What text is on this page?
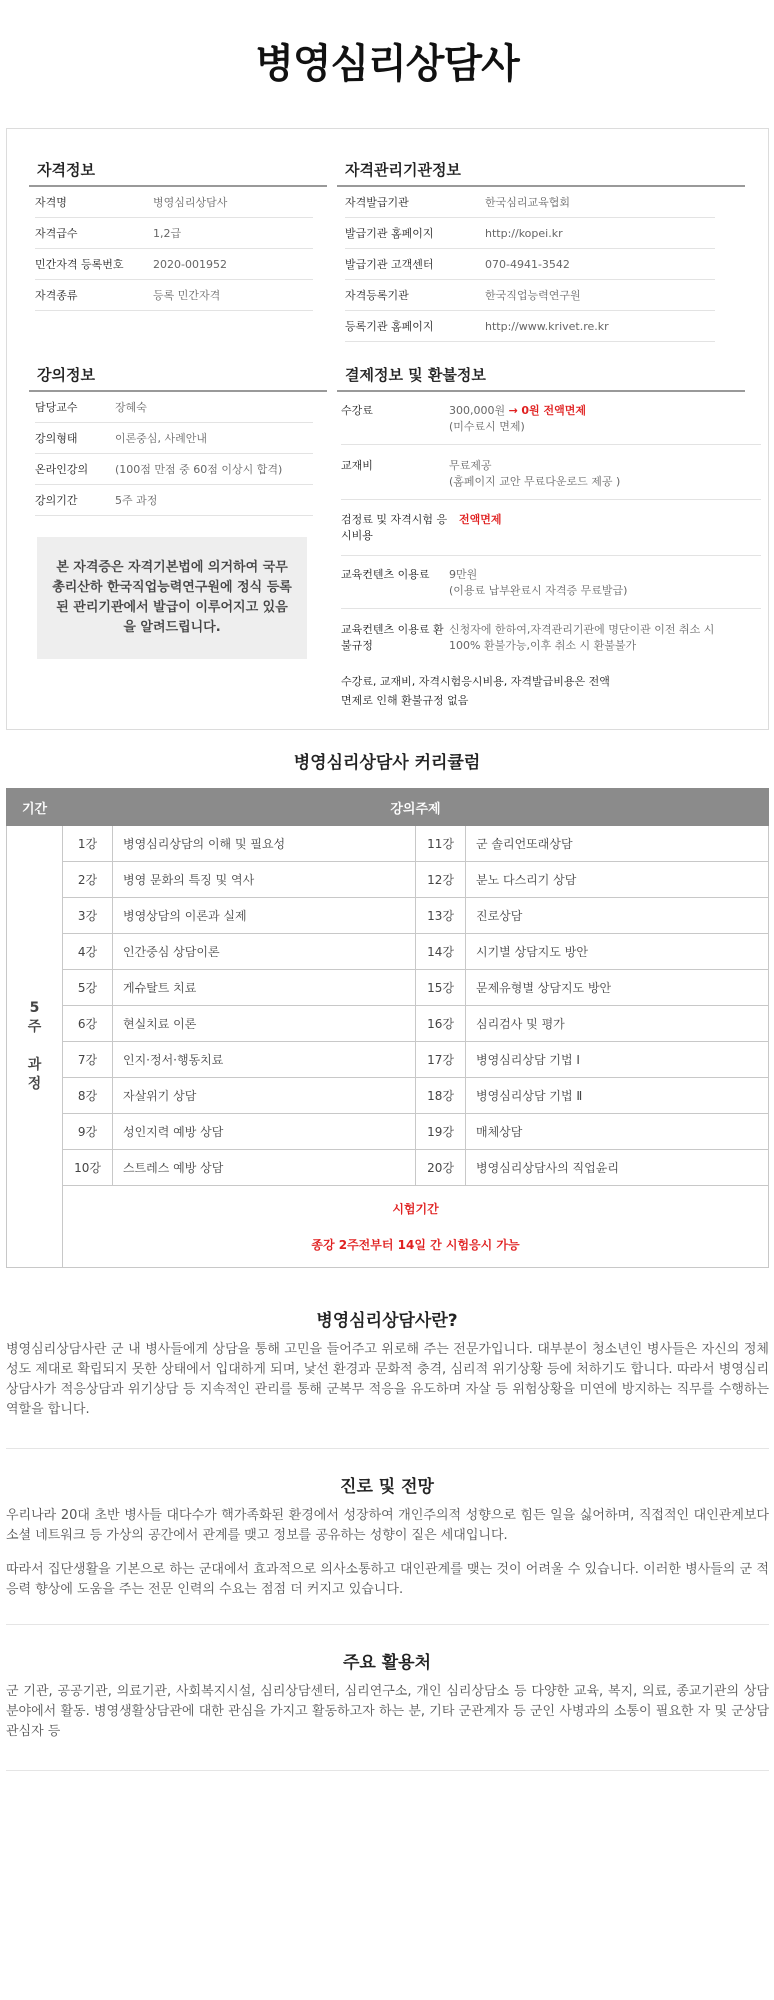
병영심리상담사
자격정보
자격명	병영심리상담사
자격급수	1,2급
민간자격 등록번호	2020-001952
자격종류	등록 민간자격
자격관리기관정보
자격발급기관	한국심리교육협회
발급기관 홈페이지	http://kopei.kr
발급기관 고객센터	070-4941-3542
자격등록기관	한국직업능력연구원
등록기관 홈페이지	http://www.krivet.re.kr
강의정보
담당교수	장혜숙
강의형태	이론중심, 사례안내
온라인강의 (100점 만점 중 60점 이상시 합격)
강의기간	5주 과정
본 자격증은 자격기본법에 의거하여 국무총리산하 한국직업능력연구원에 정식 등록된 관리기관에서 발급이 이루어지고 있음을 알려드립니다.
결제정보 및 환불정보
수강료	300,000원 → 0원 전액면제
(미수료시 면제)
교재비	무료제공
(홈페이지 교안 무료다운로드 제공 )
검정료 및 자격시험 응시비용
전액면제
교육컨텐츠 이용료	9만원
(이용료 납부완료시 자격증 무료발급)
교육컨텐츠 이용료 환불규정
신청자에 한하여,자격관리기관에 명단이관 이전 취소 시 100% 환불가능,이후 취소 시 환불불가
수강료, 교재비, 자격시험응시비용, 자격발급비용은 전액면제로 인해 환불규정 없음
병영심리상담사 커리큘럼
기간	강의주제			
5
주

과
정	1강	병영심리상담의 이해 및 필요성	11강	군 솔리언또래상담
	2강	병영 문화의 특징 및 역사	12강	분노 다스리기 상담
	3강	병영상담의 이론과 실제	13강	진로상담
	4강	인간중심 상담이론	14강	시기별 상담지도 방안
	5강	게슈탈트 치료	15강	문제유형별 상담지도 방안
	6강	현실치료 이론	16강	심리검사 및 평가
	7강	인지·정서·행동치료	17강	병영심리상담 기법 Ⅰ
	8강	자살위기 상담	18강	병영심리상담 기법 Ⅱ
	9강	성인지력 예방 상담	19강	매체상담
	10강	스트레스 예방 상담	20강	병영심리상담사의 직업윤리

	시험기간
종강 2주전부터 14일 간 시험응시 가능			
병영심리상담사란?
병영심리상담사란 군 내 병사들에게 상담을 통해 고민을 들어주고 위로해 주는 전문가입니다. 대부분이 청소년인 병사들은 자신의 정체성도 제대로 확립되지 못한 상태에서 입대하게 되며, 낯선 환경과 문화적 충격, 심리적 위기상황 등에 처하기도 합니다. 따라서 병영심리상담사가 적응상담과 위기상담 등 지속적인 관리를 통해 군복무 적응을 유도하며 자살 등 위험상황을 미연에 방지하는 직무를 수행하는 역할을 합니다.
진로 및 전망
우리나라 20대 초반 병사들 대다수가 핵가족화된 환경에서 성장하여 개인주의적 성향으로 힘든 일을 싫어하며, 직접적인 대인관계보다 소셜 네트워크 등 가상의 공간에서 관계를 맺고 정보를 공유하는 성향이 짙은 세대입니다.
따라서 집단생활을 기본으로 하는 군대에서 효과적으로 의사소통하고 대인관계를 맺는 것이 어려울 수 있습니다. 이러한 병사들의 군 적응력 향상에 도움을 주는 전문 인력의 수요는 점점 더 커지고 있습니다.
주요 활용처
군 기관, 공공기관, 의료기관, 사회복지시설, 심리상담센터, 심리연구소, 개인 심리상담소 등 다양한 교육, 복지, 의료, 종교기관의 상담분야에서 활동. 병영생활상담관에 대한 관심을 가지고 활동하고자 하는 분, 기타 군관계자 등 군인 사병과의 소통이 필요한 자 및 군상담 관심자 등
